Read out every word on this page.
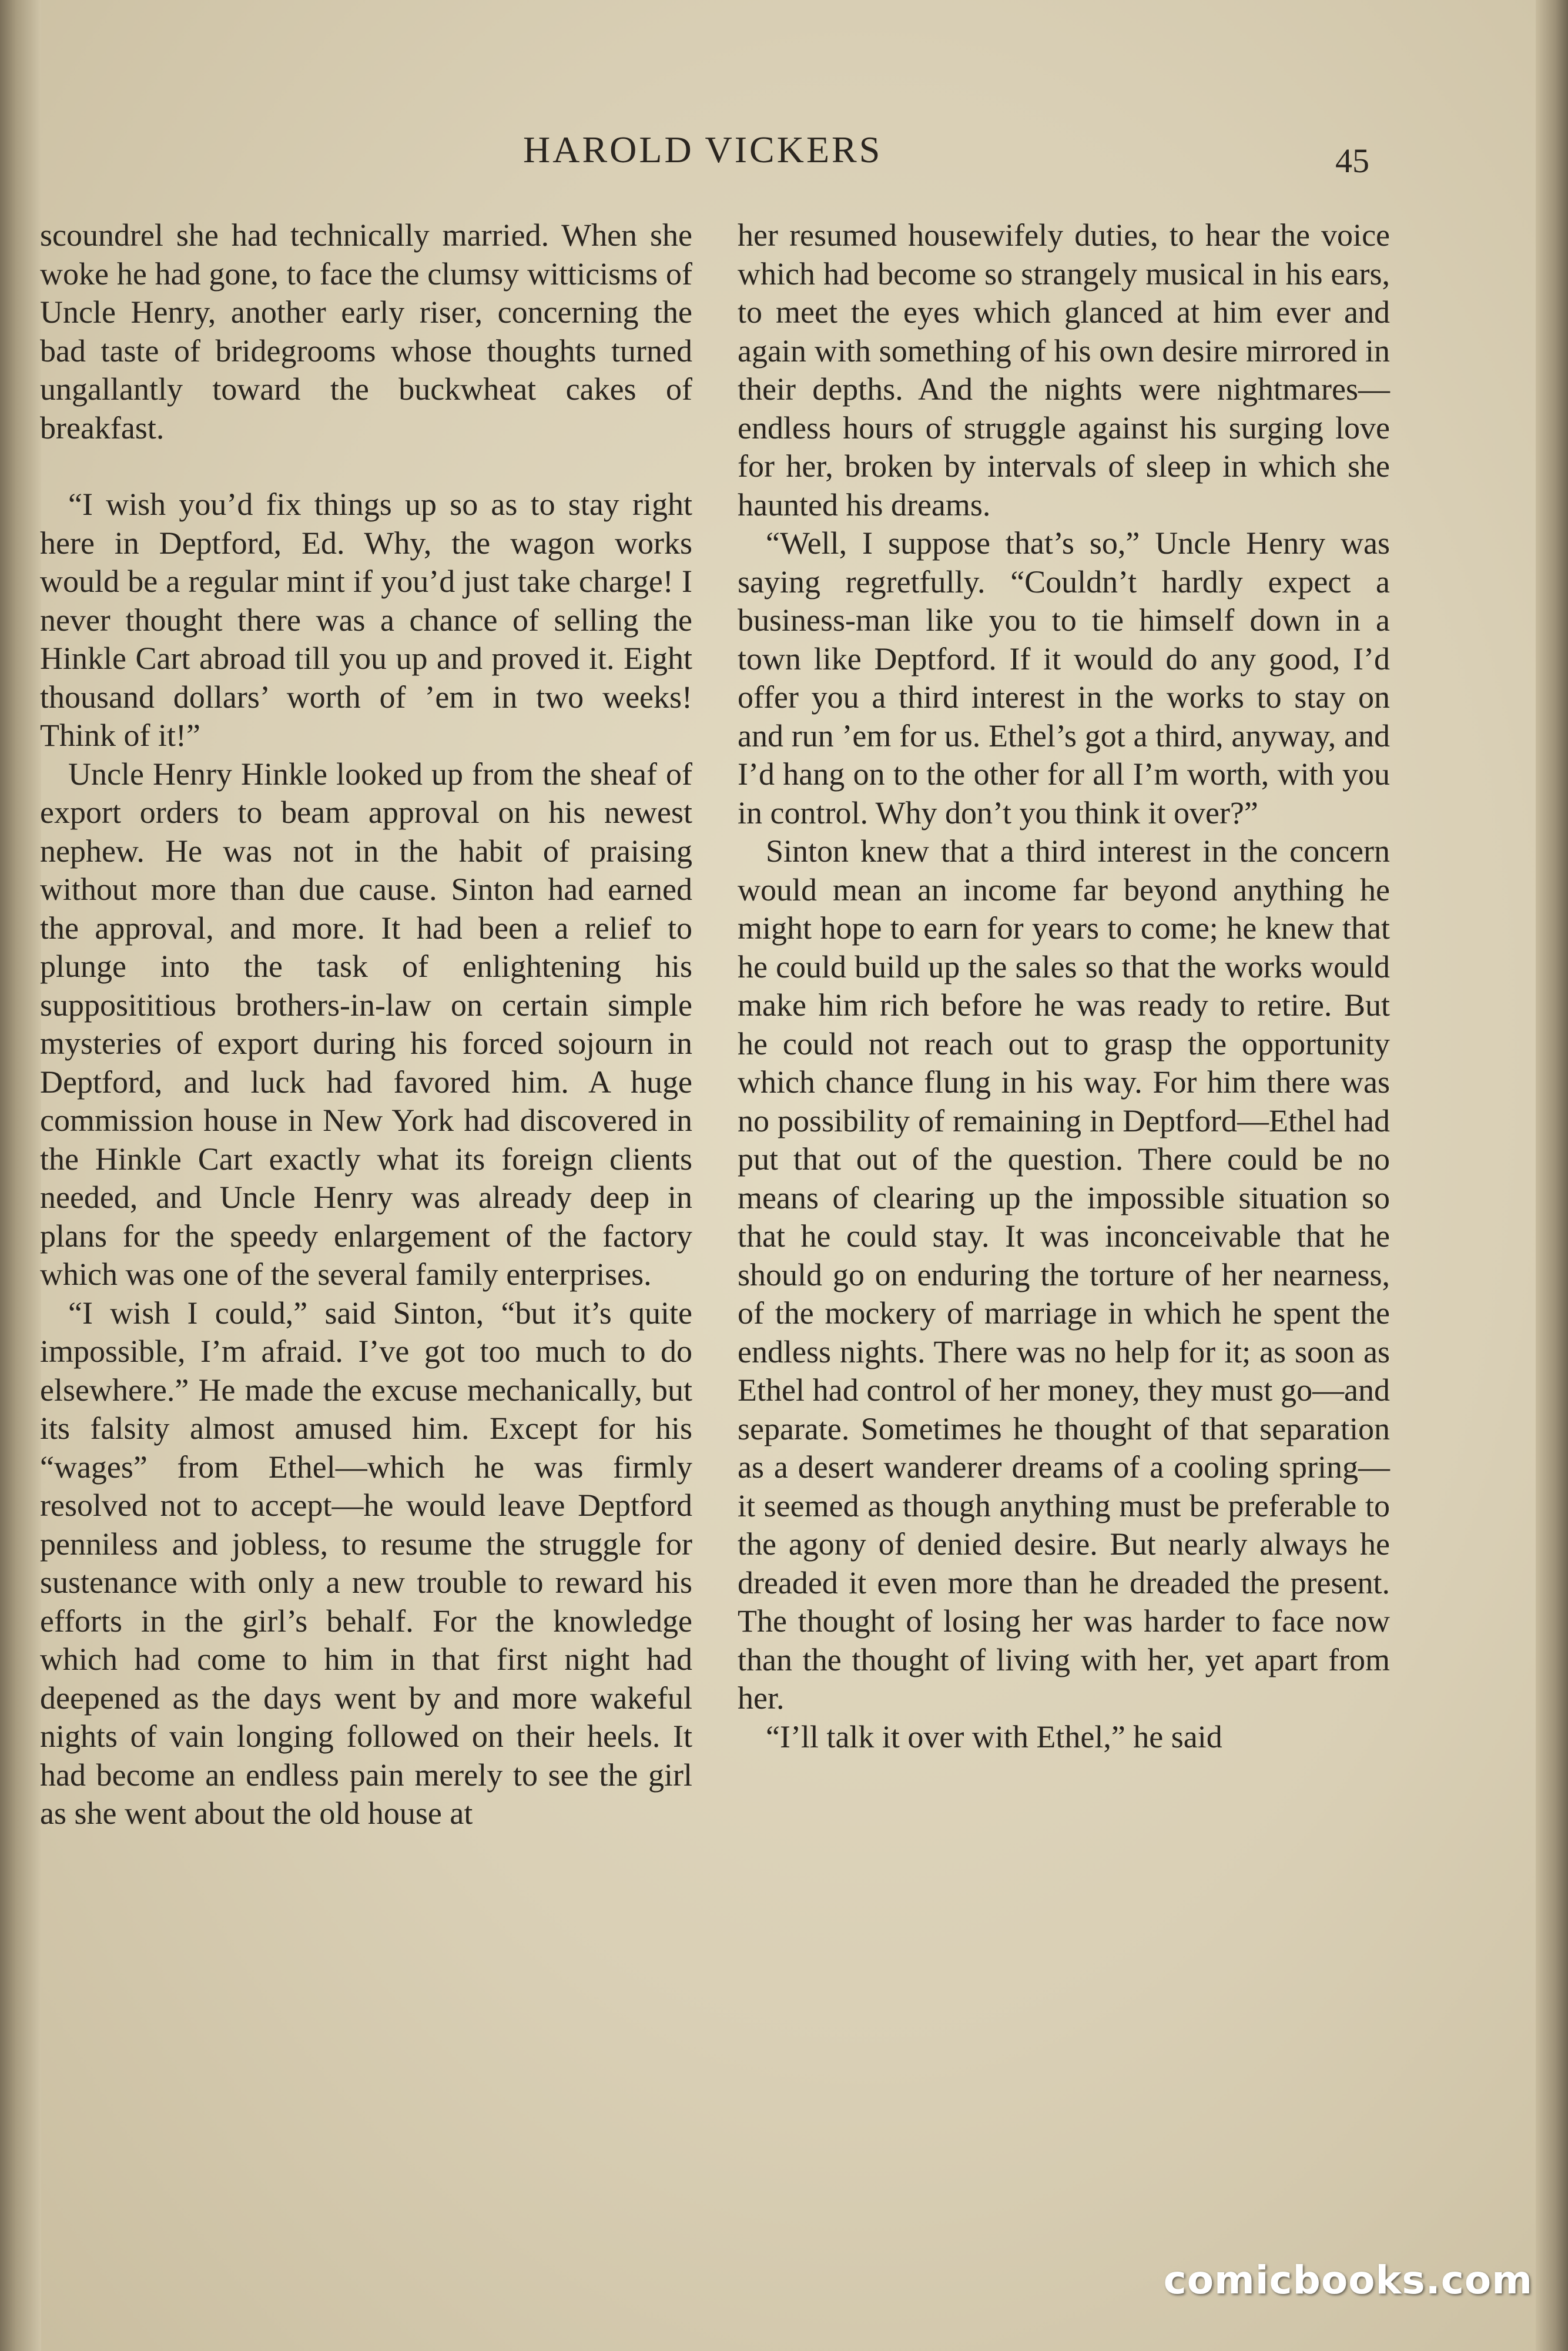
HAROLD VICKERS	45

scoundrel she had technically married. When she woke he had gone, to face the clumsy witticisms of Uncle Henry, another early riser, concerning the bad taste of bridegrooms whose thoughts turned ungallantly toward the buckwheat cakes of breakfast.

“I wish you’d fix things up so as to stay right here in Deptford, Ed. Why, the wagon works would be a regular mint if you’d just take charge! I never thought there was a chance of selling the Hinkle Cart abroad till you up and proved it. Eight thousand dollars’ worth of ’em in two weeks! Think of it!”

Uncle Henry Hinkle looked up from the sheaf of export orders to beam approval on his newest nephew. He was not in the habit of praising without more than due cause. Sinton had earned the approval, and more. It had been a relief to plunge into the task of enlightening his supposititious brothers-in-law on certain simple mysteries of export during his forced sojourn in Deptford, and luck had favored him. A huge commission house in New York had discovered in the Hinkle Cart exactly what its foreign clients needed, and Uncle Henry was already deep in plans for the speedy enlargement of the factory which was one of the several family enterprises.

“I wish I could,” said Sinton, “but it’s quite impossible, I’m afraid. I’ve got too much to do elsewhere.” He made the excuse mechanically, but its falsity almost amused him. Except for his “wages” from Ethel—which he was firmly resolved not to accept—he would leave Deptford penniless and jobless, to resume the struggle for sustenance with only a new trouble to reward his efforts in the girl’s behalf. For the knowledge which had come to him in that first night had deepened as the days went by and more wakeful nights of vain longing followed on their heels. It had become an endless pain merely to see the girl as she went about the old house at

her resumed housewifely duties, to hear the voice which had become so strangely musical in his ears, to meet the eyes which glanced at him ever and again with something of his own desire mirrored in their depths. And the nights were nightmares—endless hours of struggle against his surging love for her, broken by intervals of sleep in which she haunted his dreams.

“Well, I suppose that’s so,” Uncle Henry was saying regretfully. “Couldn’t hardly expect a business-man like you to tie himself down in a town like Deptford. If it would do any good, I’d offer you a third interest in the works to stay on and run ’em for us. Ethel’s got a third, anyway, and I’d hang on to the other for all I’m worth, with you in control. Why don’t you think it over?”

Sinton knew that a third interest in the concern would mean an income far beyond anything he might hope to earn for years to come; he knew that he could build up the sales so that the works would make him rich before he was ready to retire. But he could not reach out to grasp the opportunity which chance flung in his way. For him there was no possibility of remaining in Deptford—Ethel had put that out of the question. There could be no means of clearing up the impossible situation so that he could stay. It was inconceivable that he should go on enduring the torture of her nearness, of the mockery of marriage in which he spent the endless nights. There was no help for it; as soon as Ethel had control of her money, they must go—and separate. Sometimes he thought of that separation as a desert wanderer dreams of a cooling spring—it seemed as though anything must be preferable to the agony of denied desire. But nearly always he dreaded it even more than he dreaded the present. The thought of losing her was harder to face now than the thought of living with her, yet apart from her.

“I’ll talk it over with Ethel,” he said

comicbooks.com
